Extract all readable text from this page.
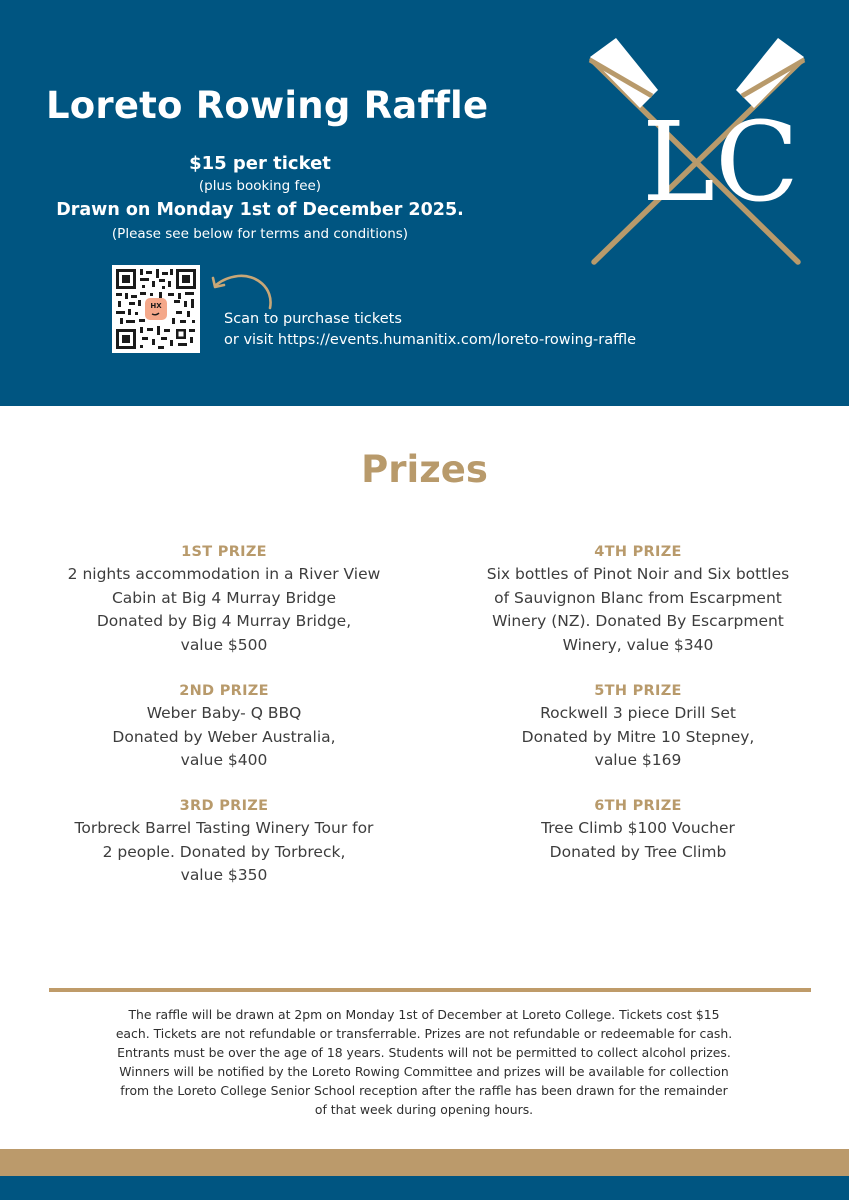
Loreto Rowing Raffle
$15 per ticket
(plus booking fee)
Drawn on Monday 1st of December 2025.
(Please see below for terms and conditions)
HX
Scan to purchase tickets
or visit https://events.humanitix.com/loreto-rowing-raffle
LC
Prizes
1ST PRIZE
2 nights accommodation in a River View
Cabin at Big 4 Murray Bridge
Donated by Big 4 Murray Bridge,
value $500
2ND PRIZE
Weber Baby- Q BBQ
Donated by Weber Australia,
value $400
3RD PRIZE
Torbreck Barrel Tasting Winery Tour for
2 people. Donated by Torbreck,
value $350
4TH PRIZE
Six bottles of Pinot Noir and Six bottles
of Sauvignon Blanc from Escarpment
Winery (NZ). Donated By Escarpment
Winery, value $340
5TH PRIZE
Rockwell 3 piece Drill Set
Donated by Mitre 10 Stepney,
value $169
6TH PRIZE
Tree Climb $100 Voucher
Donated by Tree Climb
The raffle will be drawn at 2pm on Monday 1st of December at Loreto College. Tickets cost $15
each. Tickets are not refundable or transferrable. Prizes are not refundable or redeemable for cash.
Entrants must be over the age of 18 years. Students will not be permitted to collect alcohol prizes.
Winners will be notified by the Loreto Rowing Committee and prizes will be available for collection
from the Loreto College Senior School reception after the raffle has been drawn for the remainder
of that week during opening hours.
